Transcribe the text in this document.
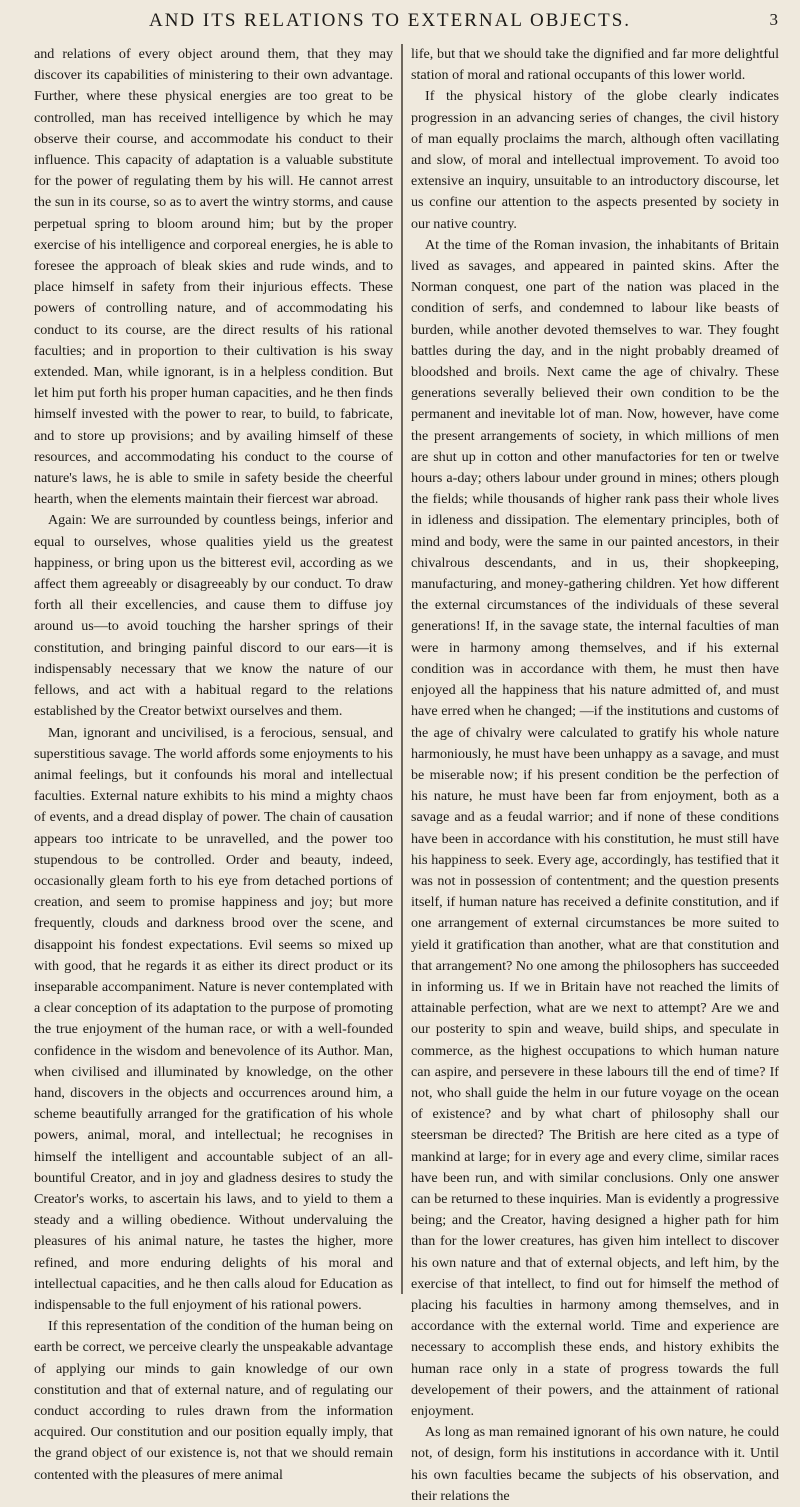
AND ITS RELATIONS TO EXTERNAL OBJECTS.	3

and relations of every object around them, that they may discover its capabilities of ministering to their own advantage. Further, where these physical energies are too great to be controlled, man has received intelligence by which he may observe their course, and accommodate his conduct to their influence. This capacity of adaptation is a valuable substitute for the power of regulating them by his will. He cannot arrest the sun in its course, so as to avert the wintry storms, and cause perpetual spring to bloom around him; but by the proper exercise of his intelligence and corporeal energies, he is able to foresee the approach of bleak skies and rude winds, and to place himself in safety from their injurious effects. These powers of controlling nature, and of accommodating his conduct to its course, are the direct results of his rational faculties; and in proportion to their cultivation is his sway extended. Man, while ignorant, is in a helpless condition. But let him put forth his proper human capacities, and he then finds himself invested with the power to rear, to build, to fabricate, and to store up provisions; and by availing himself of these resources, and accommodating his conduct to the course of nature's laws, he is able to smile in safety beside the cheerful hearth, when the elements maintain their fiercest war abroad.

Again: We are surrounded by countless beings, inferior and equal to ourselves, whose qualities yield us the greatest happiness, or bring upon us the bitterest evil, according as we affect them agreeably or disagreeably by our conduct. To draw forth all their excellencies, and cause them to diffuse joy around us—to avoid touching the harsher springs of their constitution, and bringing painful discord to our ears—it is indispensably necessary that we know the nature of our fellows, and act with a habitual regard to the relations established by the Creator betwixt ourselves and them.

Man, ignorant and uncivilised, is a ferocious, sensual, and superstitious savage. The world affords some enjoyments to his animal feelings, but it confounds his moral and intellectual faculties. External nature exhibits to his mind a mighty chaos of events, and a dread display of power. The chain of causation appears too intricate to be unravelled, and the power too stupendous to be controlled. Order and beauty, indeed, occasionally gleam forth to his eye from detached portions of creation, and seem to promise happiness and joy; but more frequently, clouds and darkness brood over the scene, and disappoint his fondest expectations. Evil seems so mixed up with good, that he regards it as either its direct product or its inseparable accompaniment. Nature is never contemplated with a clear conception of its adaptation to the purpose of promoting the true enjoyment of the human race, or with a well-founded confidence in the wisdom and benevolence of its Author. Man, when civilised and illuminated by knowledge, on the other hand, discovers in the objects and occurrences around him, a scheme beautifully arranged for the gratification of his whole powers, animal, moral, and intellectual; he recognises in himself the intelligent and accountable subject of an all-bountiful Creator, and in joy and gladness desires to study the Creator's works, to ascertain his laws, and to yield to them a steady and a willing obedience. Without undervaluing the pleasures of his animal nature, he tastes the higher, more refined, and more enduring delights of his moral and intellectual capacities, and he then calls aloud for Education as indispensable to the full enjoyment of his rational powers.

If this representation of the condition of the human being on earth be correct, we perceive clearly the unspeakable advantage of applying our minds to gain knowledge of our own constitution and that of external nature, and of regulating our conduct according to rules drawn from the information acquired. Our constitution and our position equally imply, that the grand object of our existence is, not that we should remain contented with the pleasures of mere animal

life, but that we should take the dignified and far more delightful station of moral and rational occupants of this lower world.

If the physical history of the globe clearly indicates progression in an advancing series of changes, the civil history of man equally proclaims the march, although often vacillating and slow, of moral and intellectual improvement. To avoid too extensive an inquiry, unsuitable to an introductory discourse, let us confine our attention to the aspects presented by society in our native country.

At the time of the Roman invasion, the inhabitants of Britain lived as savages, and appeared in painted skins. After the Norman conquest, one part of the nation was placed in the condition of serfs, and condemned to labour like beasts of burden, while another devoted themselves to war. They fought battles during the day, and in the night probably dreamed of bloodshed and broils. Next came the age of chivalry. These generations severally believed their own condition to be the permanent and inevitable lot of man. Now, however, have come the present arrangements of society, in which millions of men are shut up in cotton and other manufactories for ten or twelve hours a-day; others labour under ground in mines; others plough the fields; while thousands of higher rank pass their whole lives in idleness and dissipation. The elementary principles, both of mind and body, were the same in our painted ancestors, in their chivalrous descendants, and in us, their shopkeeping, manufacturing, and money-gathering children. Yet how different the external circumstances of the individuals of these several generations! If, in the savage state, the internal faculties of man were in harmony among themselves, and if his external condition was in accordance with them, he must then have enjoyed all the happiness that his nature admitted of, and must have erred when he changed; —if the institutions and customs of the age of chivalry were calculated to gratify his whole nature harmoniously, he must have been unhappy as a savage, and must be miserable now; if his present condition be the perfection of his nature, he must have been far from enjoyment, both as a savage and as a feudal warrior; and if none of these conditions have been in accordance with his constitution, he must still have his happiness to seek. Every age, accordingly, has testified that it was not in possession of contentment; and the question presents itself, if human nature has received a definite constitution, and if one arrangement of external circumstances be more suited to yield it gratification than another, what are that constitution and that arrangement? No one among the philosophers has succeeded in informing us. If we in Britain have not reached the limits of attainable perfection, what are we next to attempt? Are we and our posterity to spin and weave, build ships, and speculate in commerce, as the highest occupations to which human nature can aspire, and persevere in these labours till the end of time? If not, who shall guide the helm in our future voyage on the ocean of existence? and by what chart of philosophy shall our steersman be directed? The British are here cited as a type of mankind at large; for in every age and every clime, similar races have been run, and with similar conclusions. Only one answer can be returned to these inquiries. Man is evidently a progressive being; and the Creator, having designed a higher path for him than for the lower creatures, has given him intellect to discover his own nature and that of external objects, and left him, by the exercise of that intellect, to find out for himself the method of placing his faculties in harmony among themselves, and in accordance with the external world. Time and experience are necessary to accomplish these ends, and history exhibits the human race only in a state of progress towards the full developement of their powers, and the attainment of rational enjoyment.

As long as man remained ignorant of his own nature, he could not, of design, form his institutions in accordance with it. Until his own faculties became the subjects of his observation, and their relations the
